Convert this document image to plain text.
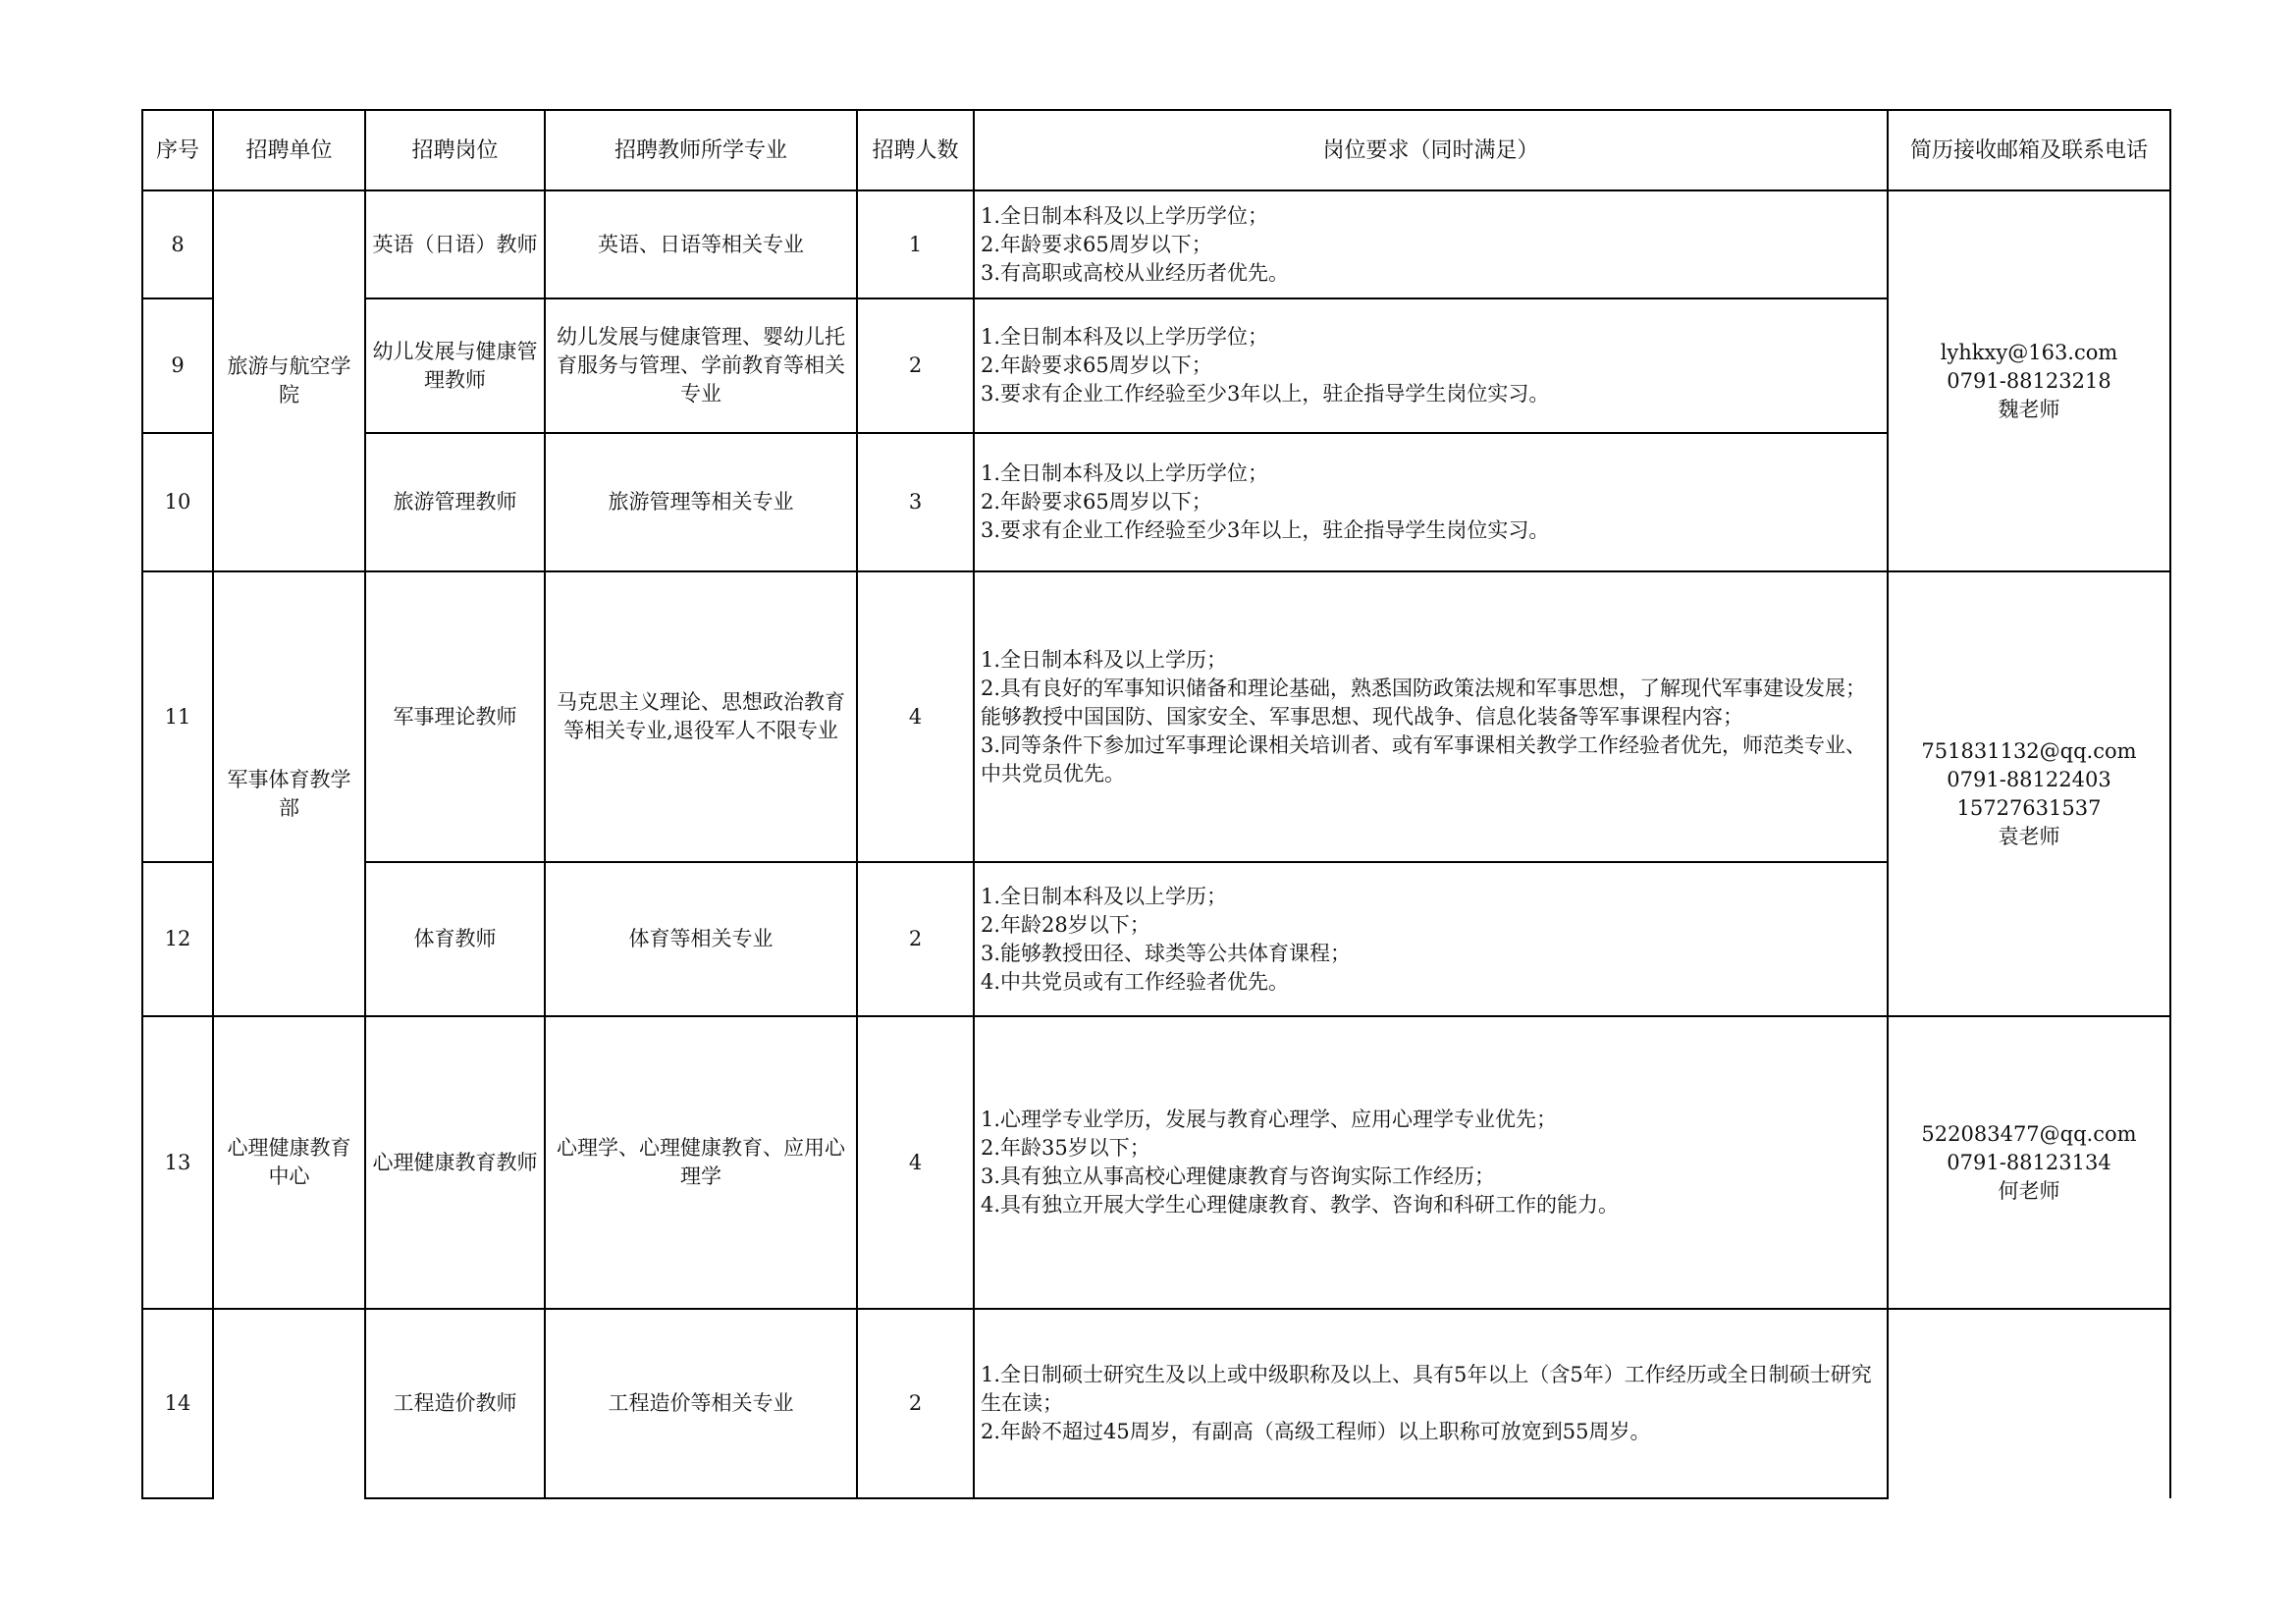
序号	招聘单位	招聘岗位	招聘教师所学专业	招聘人数	岗位要求（同时满足）	简历接收邮箱及联系电话
8	旅游与航空学院	英语（日语）教师	英语、日语等相关专业	1	1.全日制本科及以上学历学位；
2.年龄要求65周岁以下；
3.有高职或高校从业经历者优先。	lyhkxy@163.com
0791-88123218
魏老师

9		幼儿发展与健康管理教师	幼儿发展与健康管理、婴幼儿托育服务与管理、学前教育等相关专业	2	1.全日制本科及以上学历学位；
2.年龄要求65周岁以下；
3.要求有企业工作经验至少3年以上，驻企指导学生岗位实习。	

10		旅游管理教师	旅游管理等相关专业	3	1.全日制本科及以上学历学位；
2.年龄要求65周岁以下；
3.要求有企业工作经验至少3年以上，驻企指导学生岗位实习。	

11	军事体育教学部	军事理论教师	马克思主义理论、思想政治教育等相关专业,退役军人不限专业	4	1.全日制本科及以上学历；
2.具有良好的军事知识储备和理论基础，熟悉国防政策法规和军事思想，了解现代军事建设发展；能够教授中国国防、国家安全、军事思想、现代战争、信息化装备等军事课程内容；
3.同等条件下参加过军事理论课相关培训者、或有军事课相关教学工作经验者优先，师范类专业、中共党员优先。	751831132@qq.com
0791-88122403
15727631537
袁老师

12		体育教师	体育等相关专业	2	1.全日制本科及以上学历；
2.年龄28岁以下；
3.能够教授田径、球类等公共体育课程；
4.中共党员或有工作经验者优先。	

13	心理健康教育中心	心理健康教育教师	心理学、心理健康教育、应用心理学	4	1.心理学专业学历，发展与教育心理学、应用心理学专业优先；
2.年龄35岁以下；
3.具有独立从事高校心理健康教育与咨询实际工作经历；
4.具有独立开展大学生心理健康教育、教学、咨询和科研工作的能力。	522083477@qq.com
0791-88123134
何老师

14		工程造价教师	工程造价等相关专业	2	1.全日制硕士研究生及以上或中级职称及以上、具有5年以上（含5年）工作经历或全日制硕士研究生在读；
2.年龄不超过45周岁，有副高（高级工程师）以上职称可放宽到55周岁。	
